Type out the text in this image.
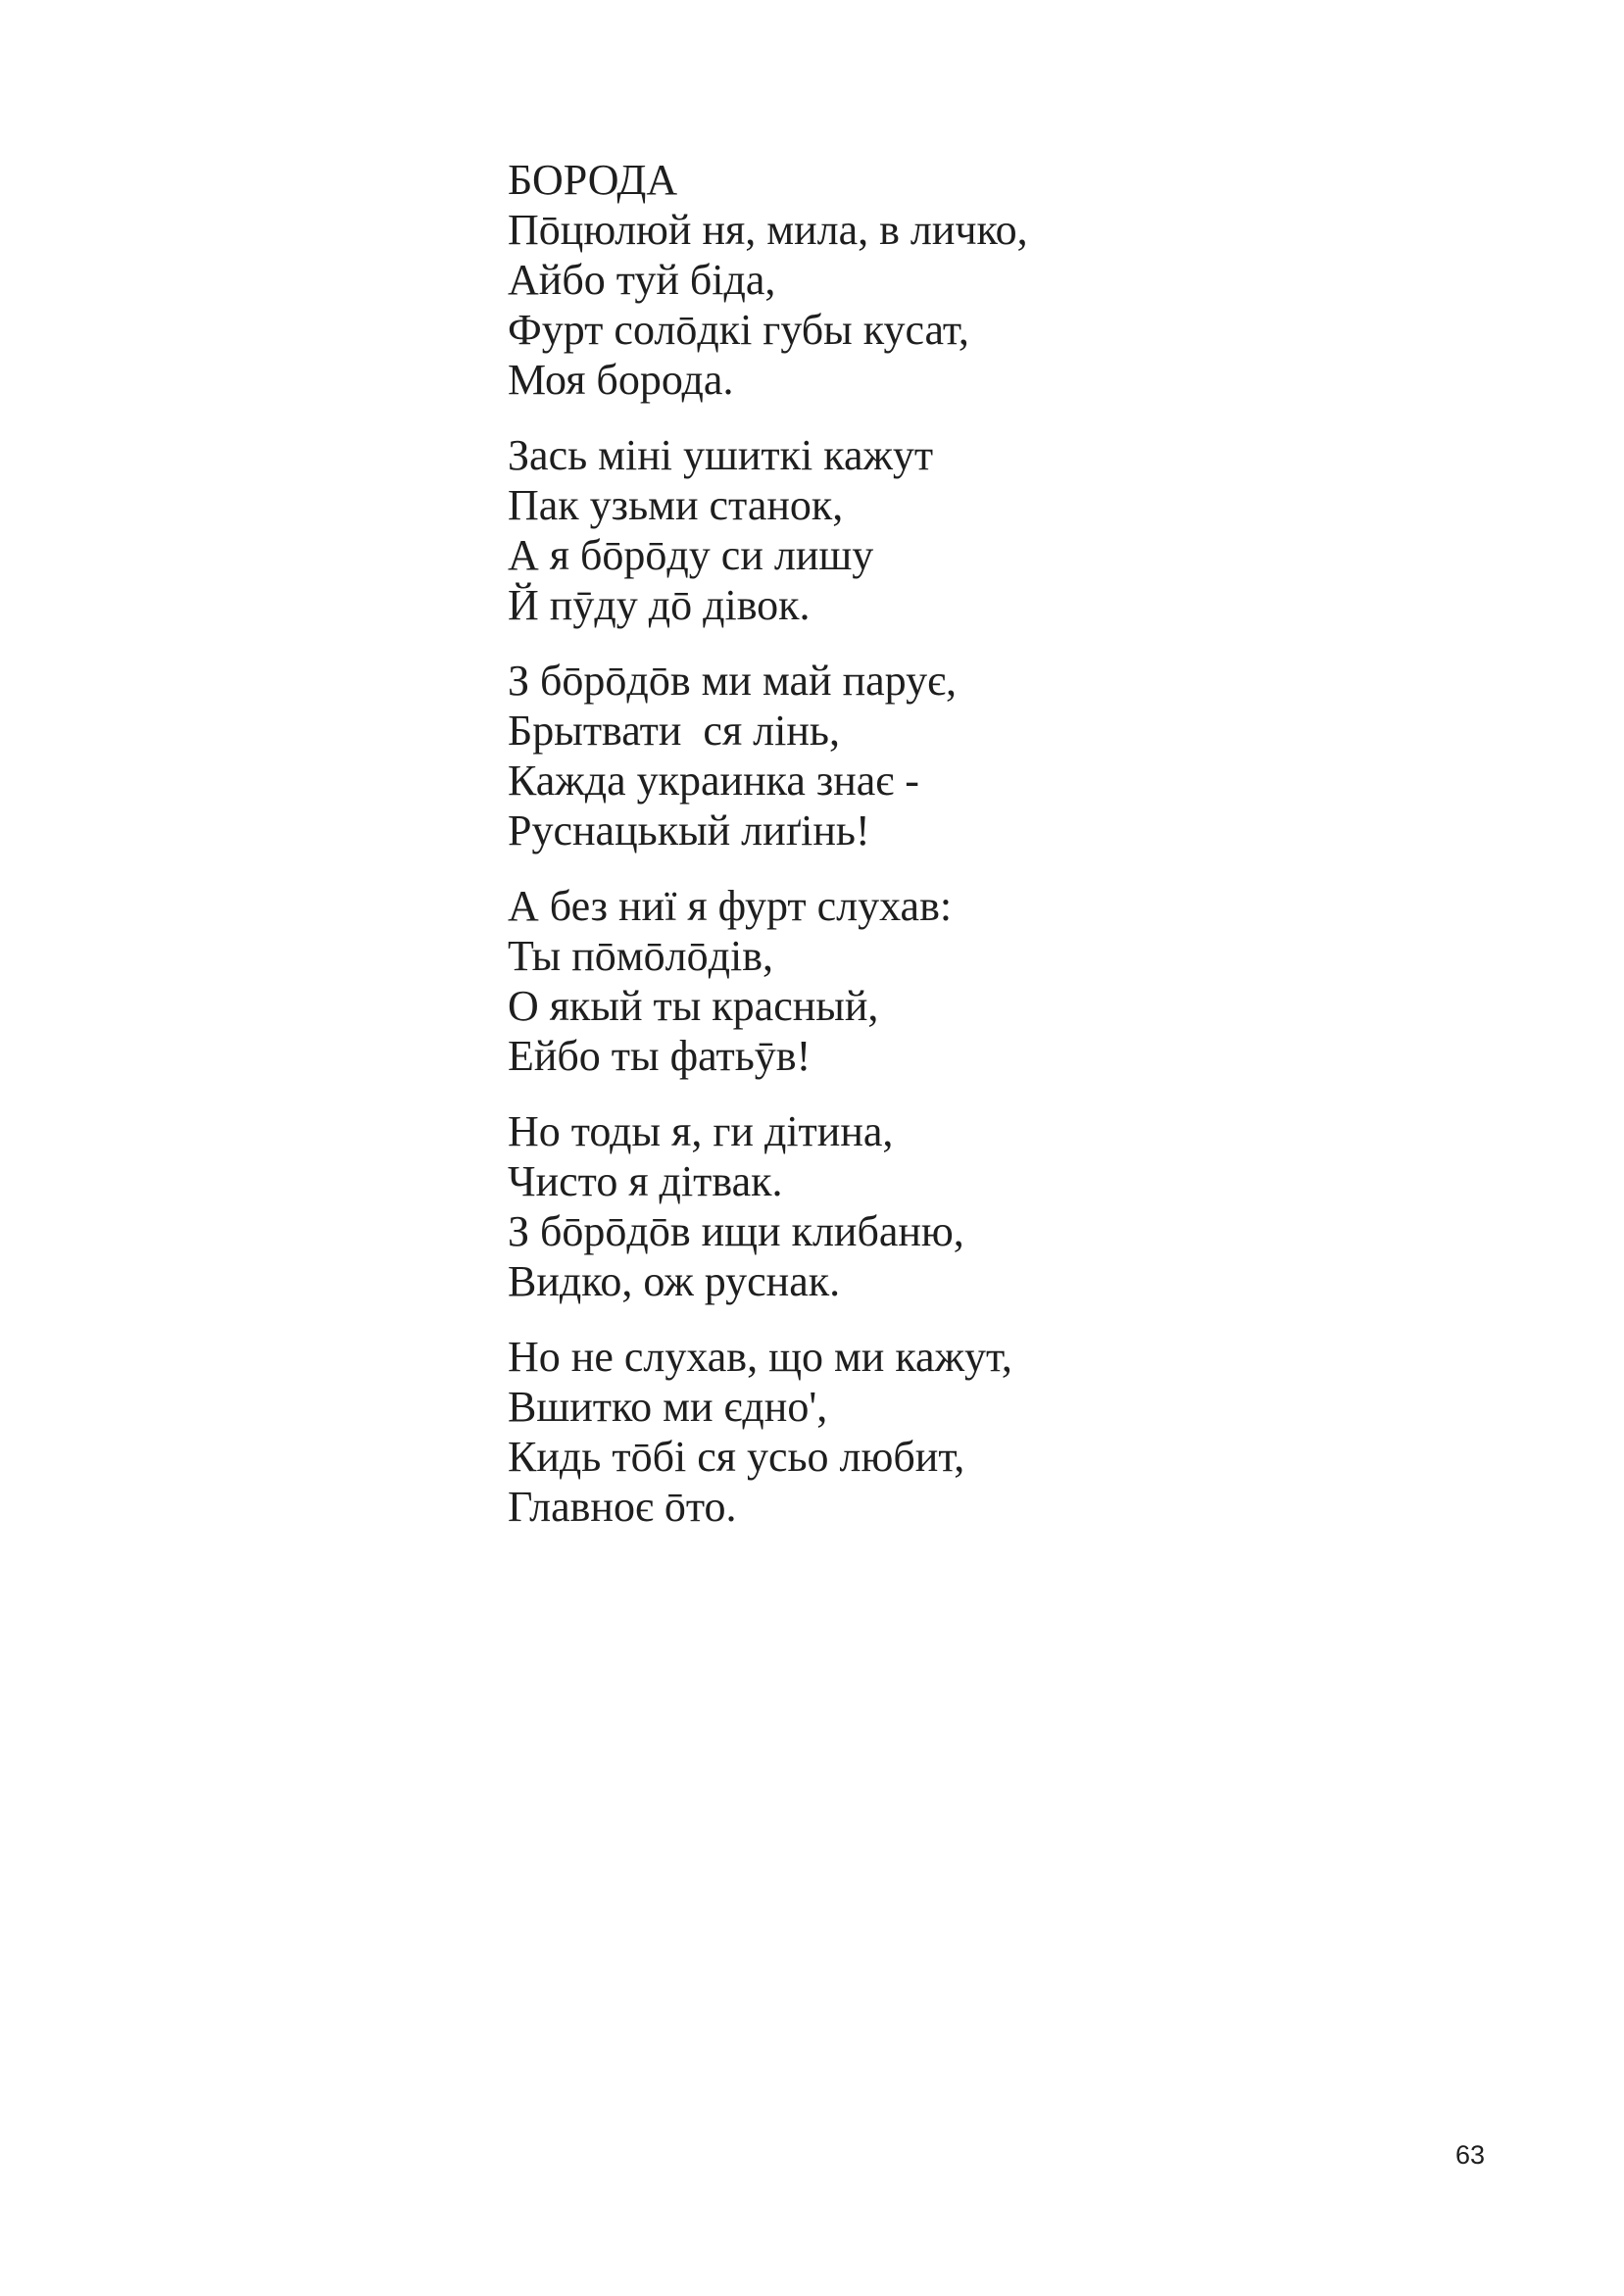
БОРОДА
Пōцюлюй ня, мила, в личко,
Айбо туй біда,
Фурт солōдкі губы кусат,
Моя борода.
Зась міні ушиткі кажут
Пак узьми станок,
А я бōрōду си лишу
Й пӯду дō дівок.
З бōрōдōв ми май парує,
Брытвати  ся лінь,
Кажда украинка знає -
Руснацькый лиґінь!
А без ниї я фурт слухав:
Ты пōмōлōдів,
О якый ты красный,
Ейбо ты фатьӯв!
Но тоды я, ги дітина,
Чисто я дітвак.
З бōрōдōв ищи клибаню,
Видко, ож руснак.
Но не слухав, що ми кажут,
Вшитко ми єдно',
Кидь тōбі ся усьо любит,
Главноє ōто.
63
